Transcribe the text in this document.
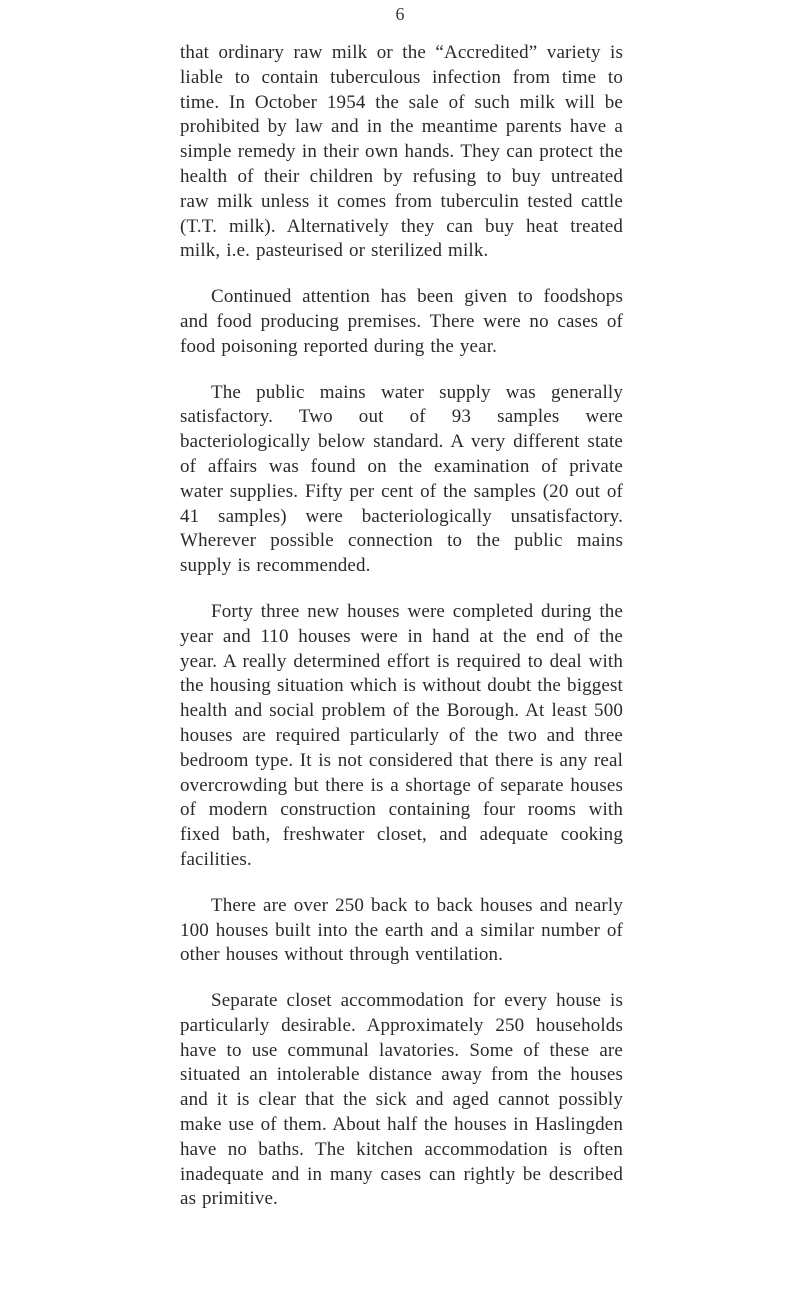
6

that ordinary raw milk or the “Accredited” variety is liable to contain tuberculous infection from time to time. In October 1954 the sale of such milk will be prohibited by law and in the meantime parents have a simple remedy in their own hands. They can protect the health of their children by refusing to buy untreated raw milk unless it comes from tuberculin tested cattle (T.T. milk). Alternatively they can buy heat treated milk, i.e. pasteurised or sterilized milk.

Continued attention has been given to foodshops and food producing premises. There were no cases of food poisoning reported during the year.

The public mains water supply was generally satisfactory. Two out of 93 samples were bacteriologically below standard. A very different state of affairs was found on the examination of private water supplies. Fifty per cent of the samples (20 out of 41 samples) were bacteriologically unsatisfactory. Wherever possible connection to the public mains supply is recommended.

Forty three new houses were completed during the year and 110 houses were in hand at the end of the year. A really determined effort is required to deal with the housing situation which is without doubt the biggest health and social problem of the Borough. At least 500 houses are required particularly of the two and three bedroom type. It is not considered that there is any real overcrowding but there is a shortage of separate houses of modern construction containing four rooms with fixed bath, freshwater closet, and adequate cooking facilities.

There are over 250 back to back houses and nearly 100 houses built into the earth and a similar number of other houses without through ventilation.

Separate closet accommodation for every house is particularly desirable. Approximately 250 households have to use communal lavatories. Some of these are situated an intolerable distance away from the houses and it is clear that the sick and aged cannot possibly make use of them. About half the houses in Haslingden have no baths. The kitchen accommodation is often inadequate and in many cases can rightly be described as primitive.
